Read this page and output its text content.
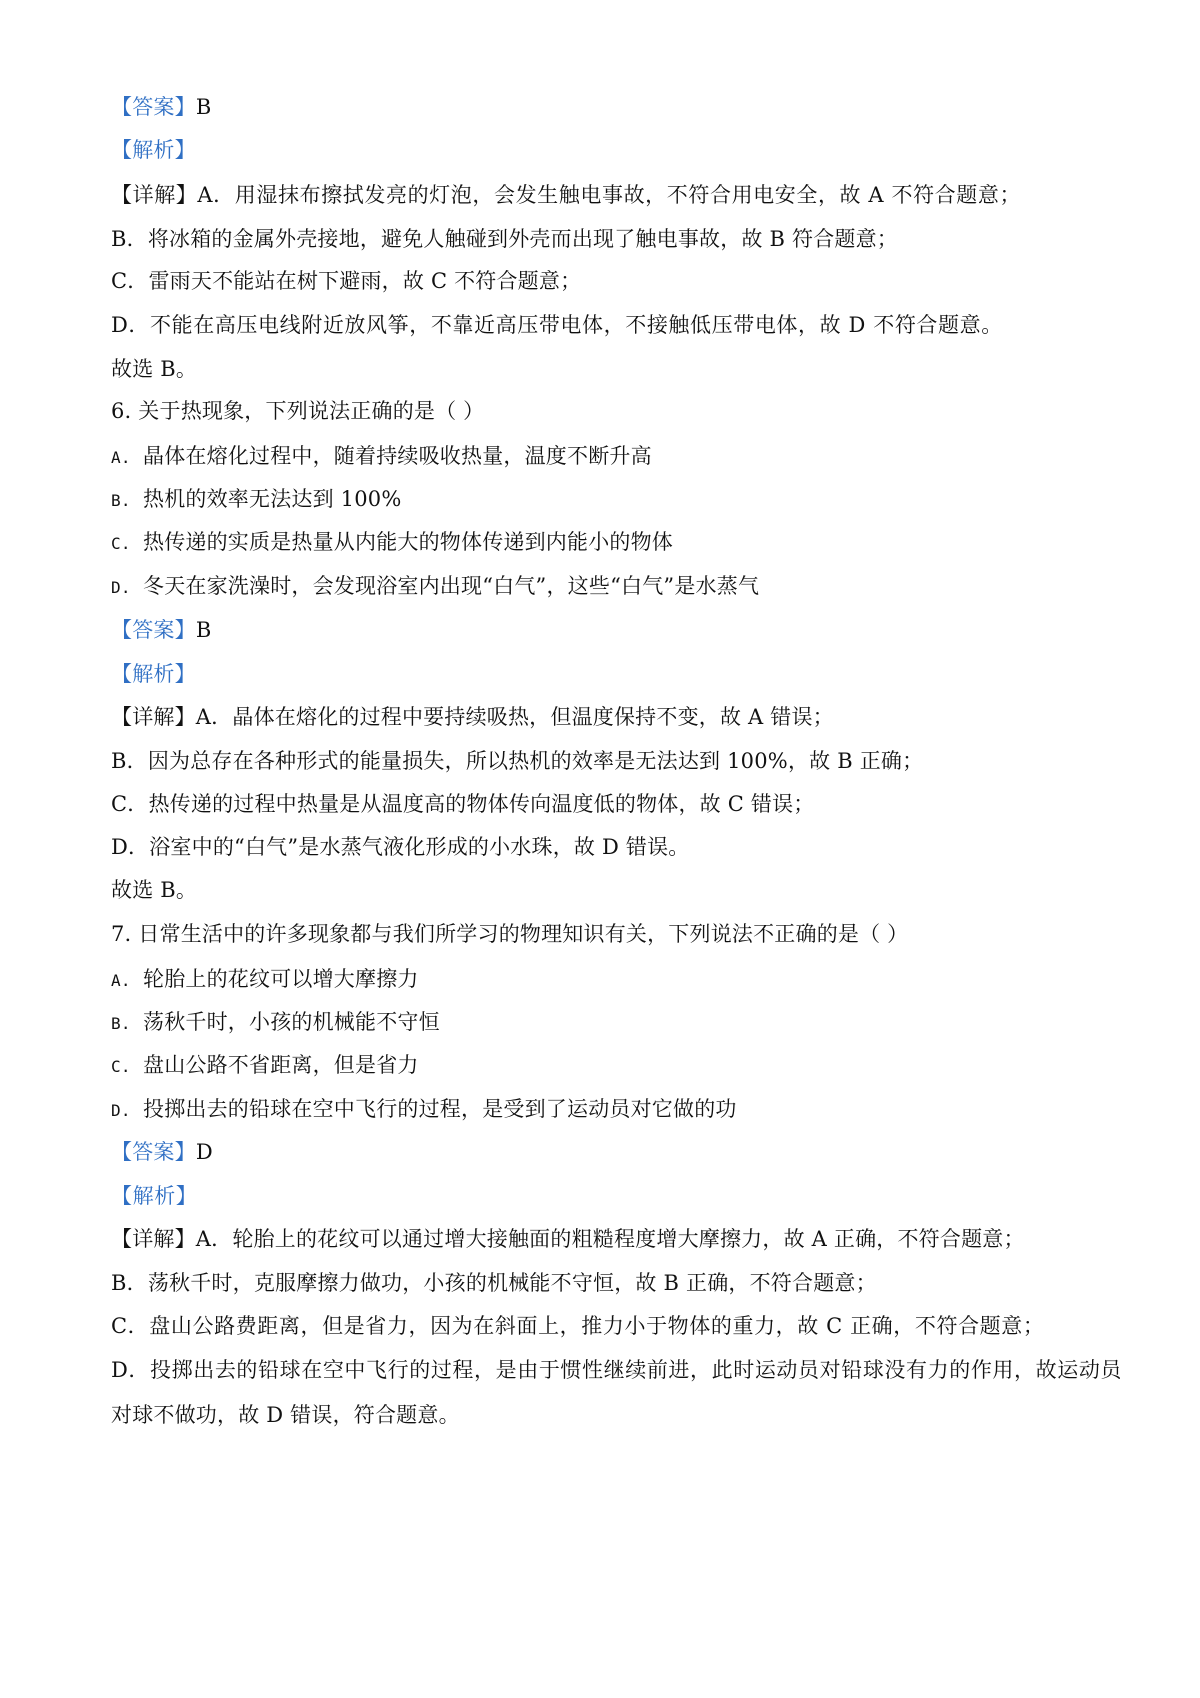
【答案】B

【解析】

【详解】A．用湿抹布擦拭发亮的灯泡，会发生触电事故，不符合用电安全，故 A 不符合题意；

B．将冰箱的金属外壳接地，避免人触碰到外壳而出现了触电事故，故 B 符合题意；

C．雷雨天不能站在树下避雨，故 C 不符合题意；

D．不能在高压电线附近放风筝，不靠近高压带电体，不接触低压带电体，故 D 不符合题意。

故选 B。

6. 关于热现象，下列说法正确的是（ ）

A. 晶体在熔化过程中，随着持续吸收热量，温度不断升高

B. 热机的效率无法达到 100%

C. 热传递的实质是热量从内能大的物体传递到内能小的物体

D. 冬天在家洗澡时，会发现浴室内出现“白气”，这些“白气”是水蒸气

【答案】B

【解析】

【详解】A．晶体在熔化的过程中要持续吸热，但温度保持不变，故 A 错误；

B．因为总存在各种形式的能量损失，所以热机的效率是无法达到 100%，故 B 正确；

C．热传递的过程中热量是从温度高的物体传向温度低的物体，故 C 错误；

D．浴室中的“白气”是水蒸气液化形成的小水珠，故 D 错误。

故选 B。

7. 日常生活中的许多现象都与我们所学习的物理知识有关，下列说法不正确的是（ ）

A. 轮胎上的花纹可以增大摩擦力

B. 荡秋千时，小孩的机械能不守恒

C. 盘山公路不省距离，但是省力

D. 投掷出去的铅球在空中飞行的过程，是受到了运动员对它做的功

【答案】D

【解析】

【详解】A．轮胎上的花纹可以通过增大接触面的粗糙程度增大摩擦力，故 A 正确，不符合题意；

B．荡秋千时，克服摩擦力做功，小孩的机械能不守恒，故 B 正确，不符合题意；

C．盘山公路费距离，但是省力，因为在斜面上，推力小于物体的重力，故 C 正确，不符合题意；

D．投掷出去的铅球在空中飞行的过程，是由于惯性继续前进，此时运动员对铅球没有力的作用，故运动员

对球不做功，故 D 错误，符合题意。
